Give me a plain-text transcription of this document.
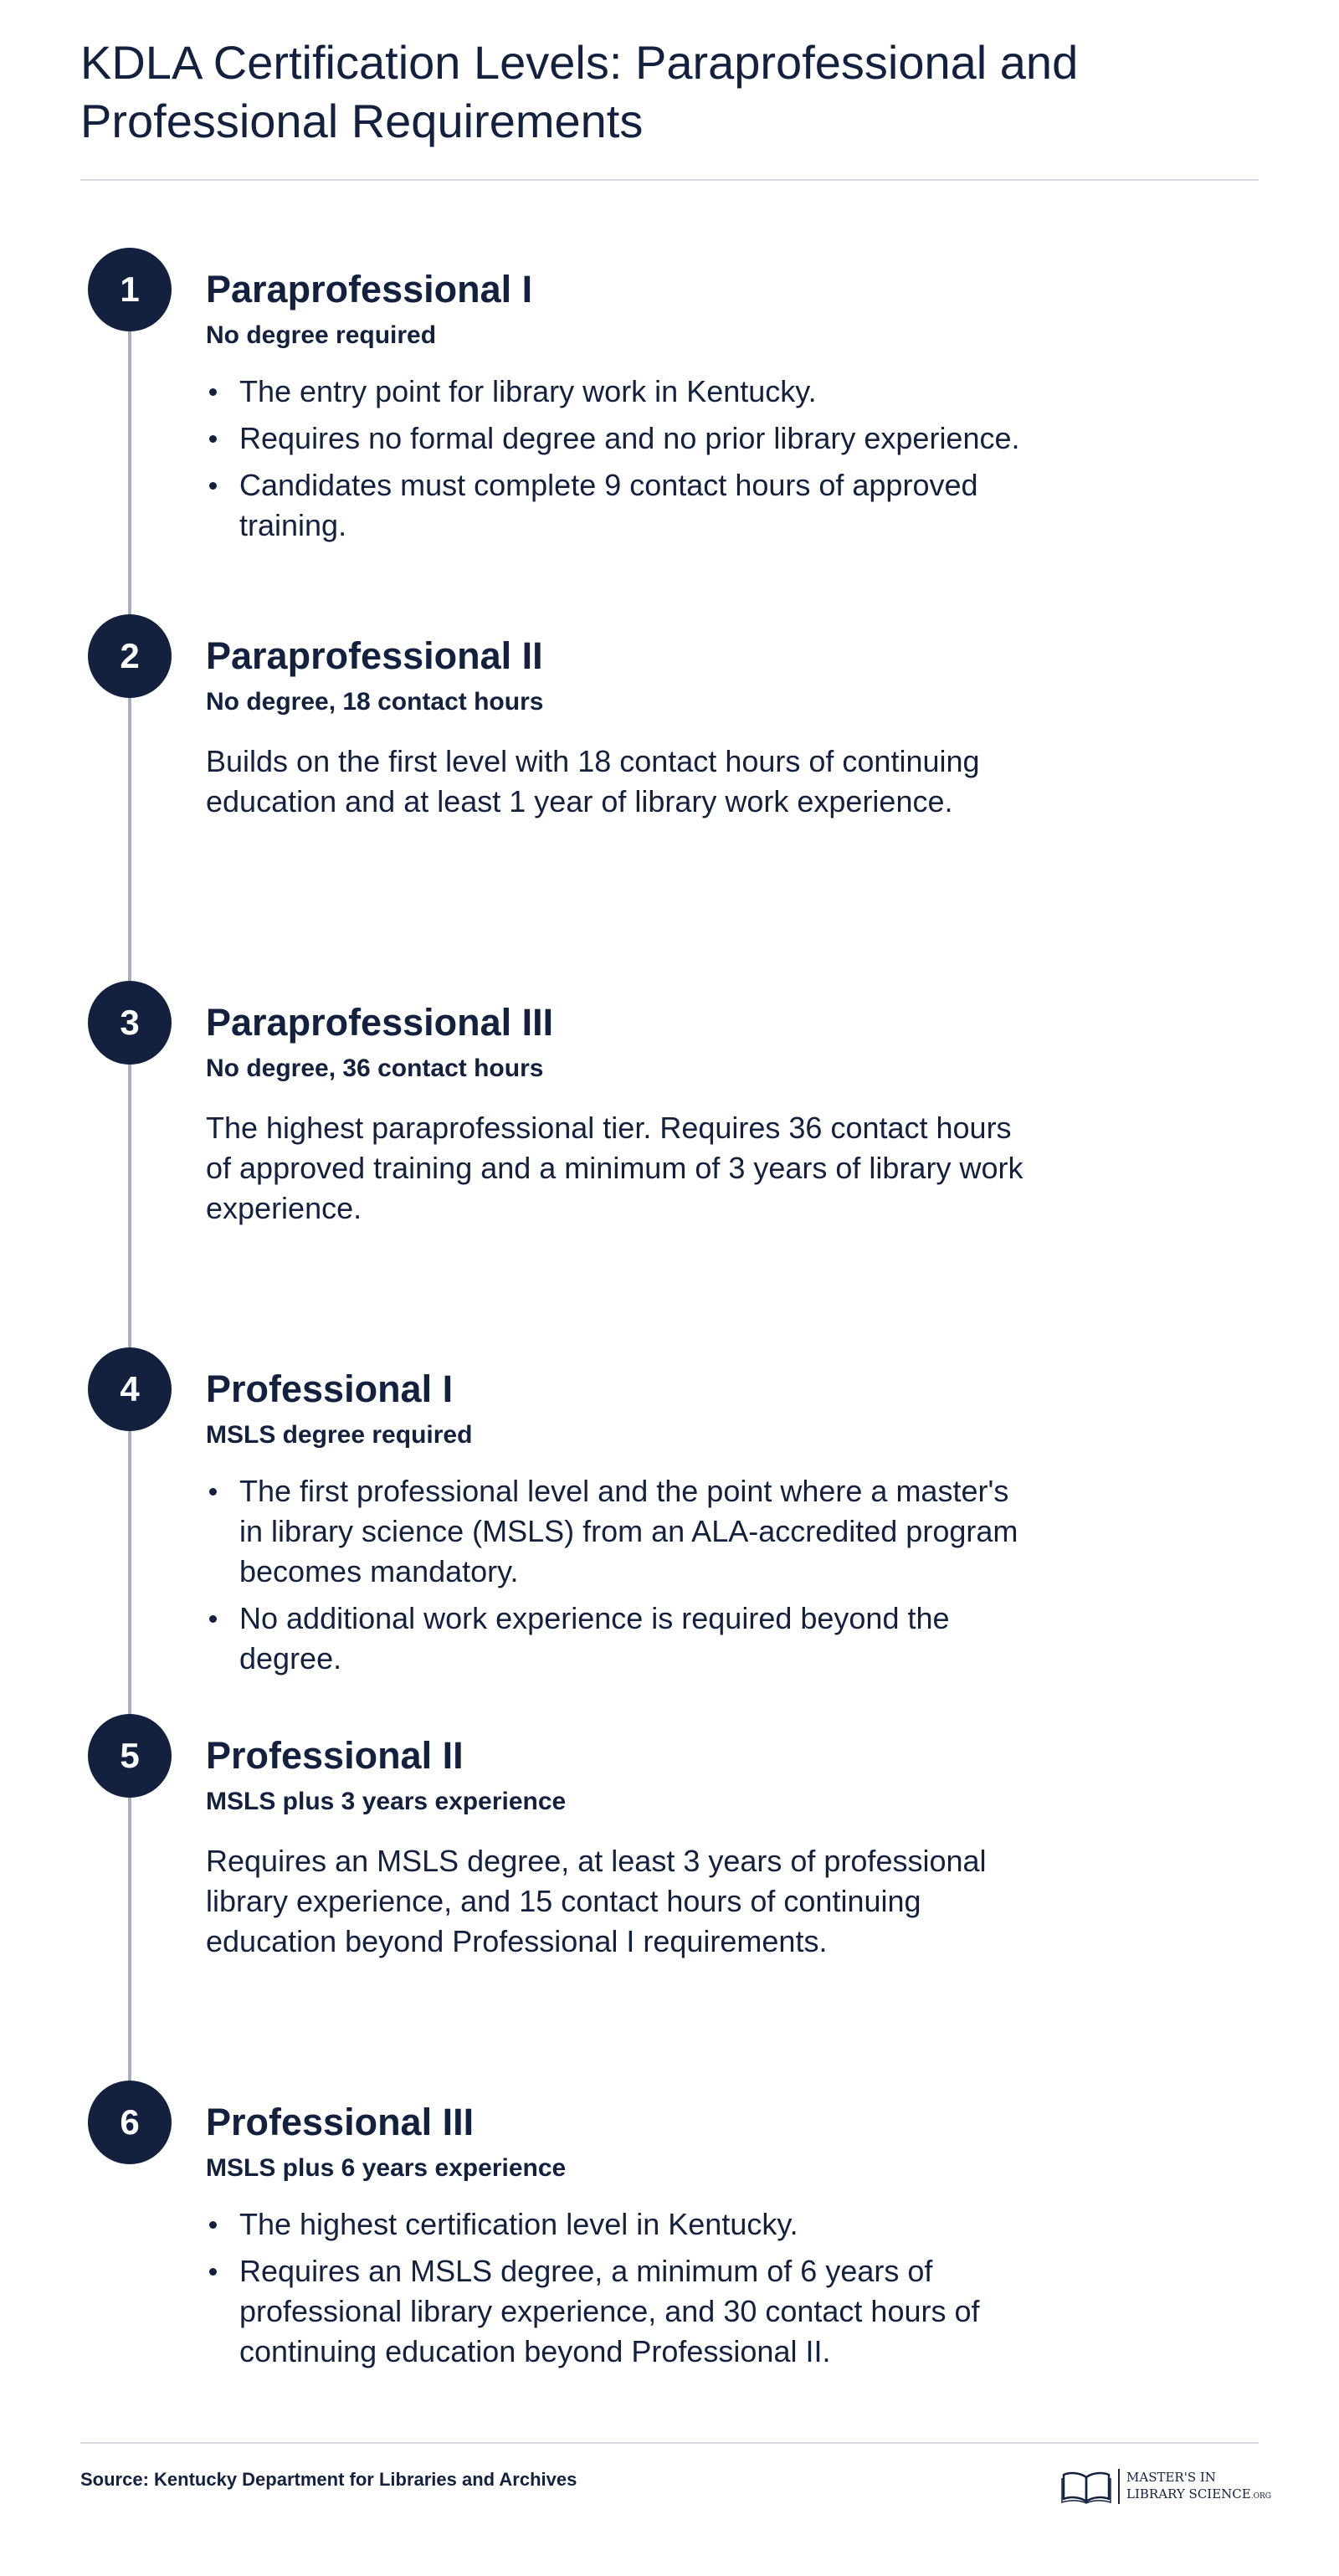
KDLA Certification Levels: Paraprofessional and Professional Requirements
1	Paraprofessional I
No degree required
The entry point for library work in Kentucky.
Requires no formal degree and no prior library experience.
Candidates must complete 9 contact hours of approved training.
2	Paraprofessional II
No degree, 18 contact hours

Builds on the first level with 18 contact hours of continuing education and at least 1 year of library work experience.

3	Paraprofessional III
No degree, 36 contact hours

The highest paraprofessional tier. Requires 36 contact hours of approved training and a minimum of 3 years of library work experience.

4	Professional I
MSLS degree required
The first professional level and the point where a master's in library science (MSLS) from an ALA-accredited program becomes mandatory.
No additional work experience is required beyond the degree.
5	Professional II
MSLS plus 3 years experience

Requires an MSLS degree, at least 3 years of professional library experience, and 15 contact hours of continuing education beyond Professional I requirements.

6	Professional III
MSLS plus 6 years experience
The highest certification level in Kentucky.
Requires an MSLS degree, a minimum of 6 years of professional library experience, and 30 contact hours of continuing education beyond Professional II.
Source: Kentucky Department for Libraries and Archives	MASTER'S IN
LIBRARY SCIENCE.ORG
